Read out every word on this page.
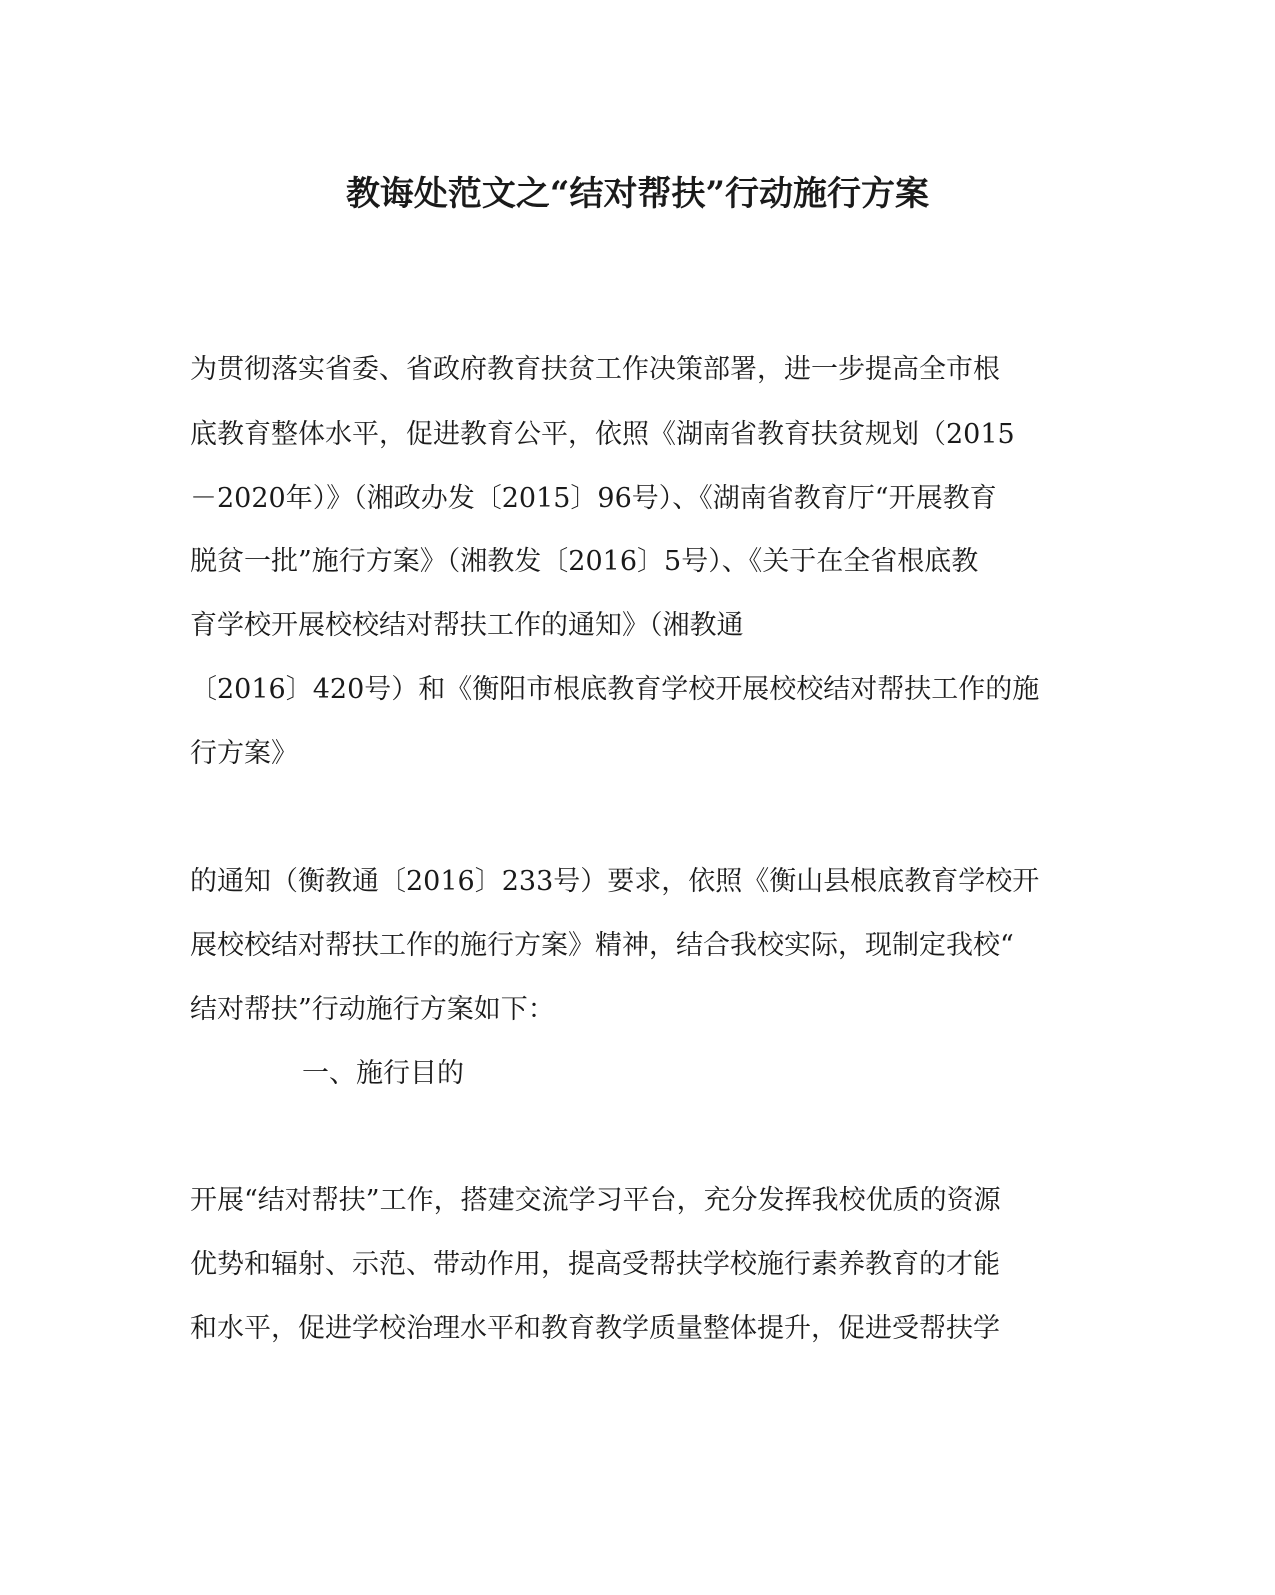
教诲处范文之“结对帮扶”行动施行方案

为贯彻落实省委、省政府教育扶贫工作决策部署，进一步提高全市根

底教育整体水平，促进教育公平，依照《湖南省教育扶贫规划（2015

－2020年）》（湘政办发〔2015〕96号）、《湖南省教育厅“开展教育

脱贫一批”施行方案》（湘教发〔2016〕5号）、《关于在全省根底教

育学校开展校校结对帮扶工作的通知》（湘教通

〔2016〕420号）和《衡阳市根底教育学校开展校校结对帮扶工作的施

行方案》

的通知（衡教通〔2016〕233号）要求，依照《衡山县根底教育学校开

展校校结对帮扶工作的施行方案》精神，结合我校实际，现制定我校“

结对帮扶”行动施行方案如下：

一、施行目的

开展“结对帮扶”工作，搭建交流学习平台，充分发挥我校优质的资源

优势和辐射、示范、带动作用，提高受帮扶学校施行素养教育的才能

和水平，促进学校治理水平和教育教学质量整体提升，促进受帮扶学
